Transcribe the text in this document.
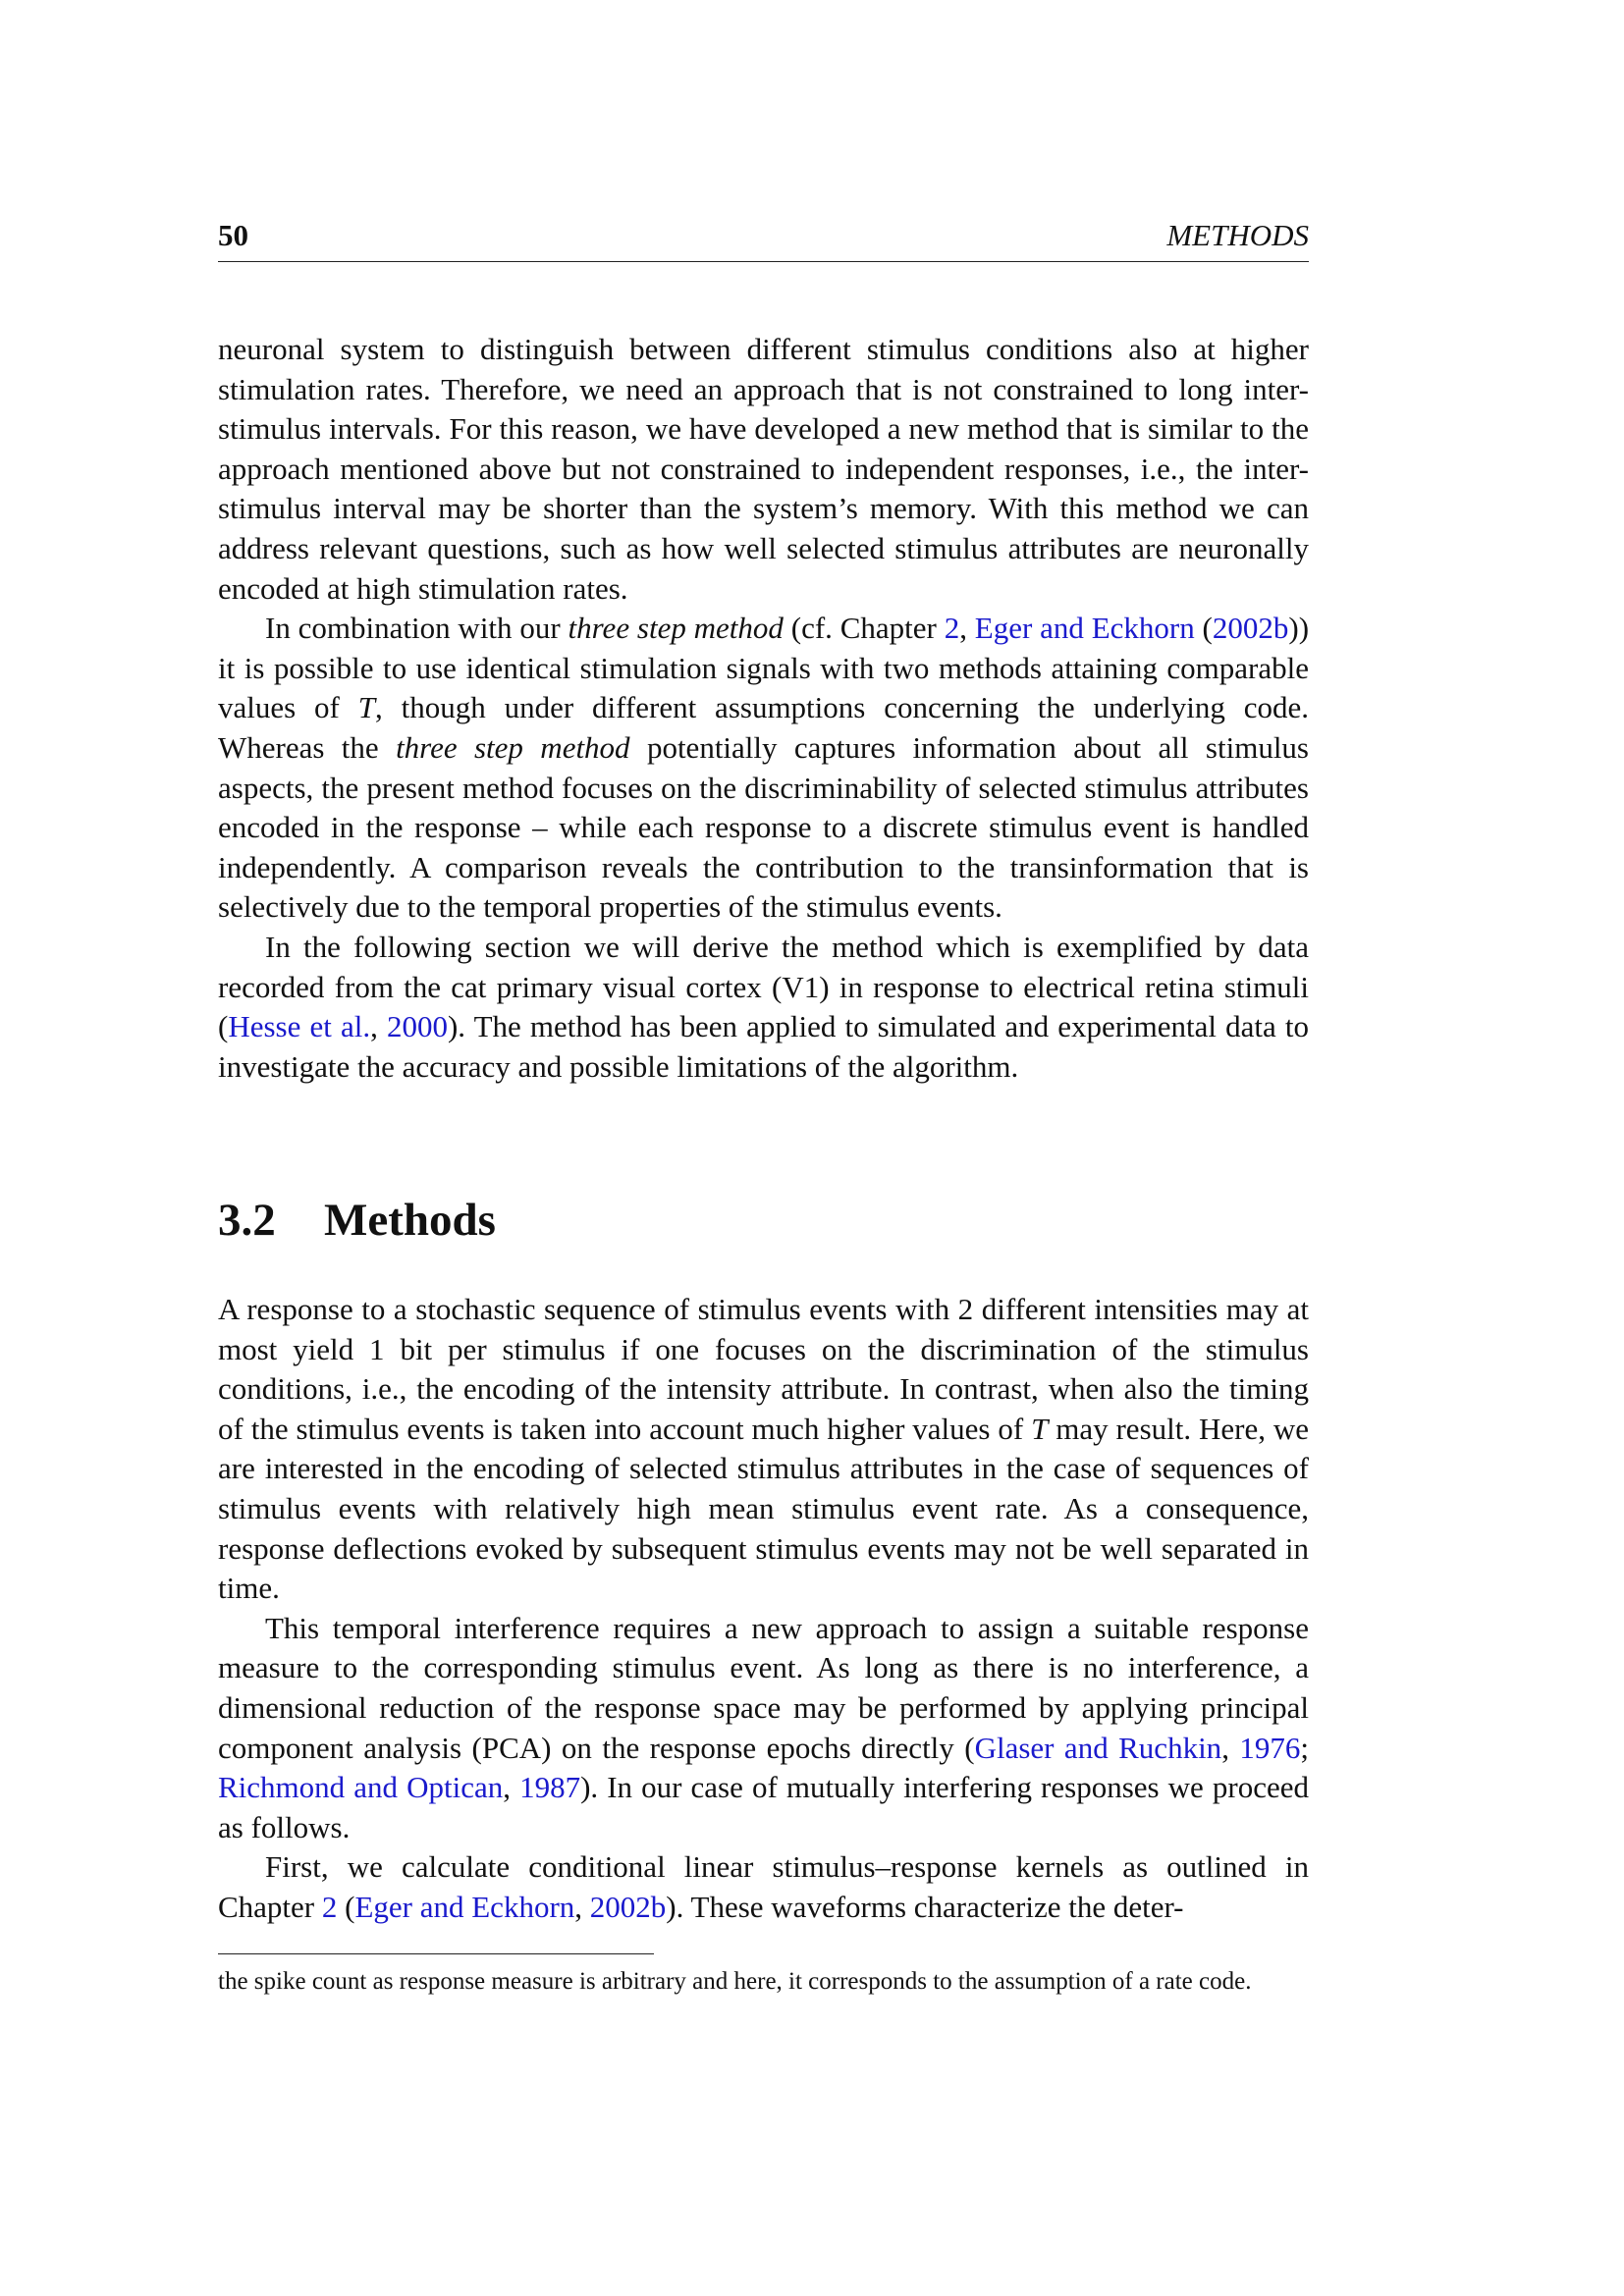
50	METHODS

neuronal system to distinguish between different stimulus conditions also at higher stimulation rates. Therefore, we need an approach that is not constrained to long inter-stimulus intervals. For this reason, we have developed a new method that is similar to the approach mentioned above but not constrained to independent responses, i.e., the inter-stimulus interval may be shorter than the system’s memory. With this method we can address relevant questions, such as how well selected stimulus attributes are neuronally encoded at high stimulation rates.

In combination with our three step method (cf. Chapter 2, Eger and Eckhorn (2002b)) it is possible to use identical stimulation signals with two methods attaining comparable values of T, though under different assumptions concerning the underlying code. Whereas the three step method potentially captures information about all stimulus aspects, the present method focuses on the discriminability of selected stimulus attributes encoded in the response – while each response to a discrete stimulus event is handled independently. A comparison reveals the contribution to the transinformation that is selectively due to the temporal properties of the stimulus events.

In the following section we will derive the method which is exemplified by data recorded from the cat primary visual cortex (V1) in response to electrical retina stimuli (Hesse et al., 2000). The method has been applied to simulated and experimental data to investigate the accuracy and possible limitations of the algorithm.

3.2 Methods

A response to a stochastic sequence of stimulus events with 2 different intensities may at most yield 1 bit per stimulus if one focuses on the discrimination of the stimulus conditions, i.e., the encoding of the intensity attribute. In contrast, when also the timing of the stimulus events is taken into account much higher values of T may result. Here, we are interested in the encoding of selected stimulus attributes in the case of sequences of stimulus events with relatively high mean stimulus event rate. As a consequence, response deflections evoked by subsequent stimulus events may not be well separated in time.

This temporal interference requires a new approach to assign a suitable response measure to the corresponding stimulus event. As long as there is no interference, a dimensional reduction of the response space may be performed by applying principal component analysis (PCA) on the response epochs directly (Glaser and Ruchkin, 1976; Richmond and Optican, 1987). In our case of mutually interfering responses we proceed as follows.

First, we calculate conditional linear stimulus–response kernels as outlined in Chapter 2 (Eger and Eckhorn, 2002b). These waveforms characterize the deter-

the spike count as response measure is arbitrary and here, it corresponds to the assumption of a rate code.
